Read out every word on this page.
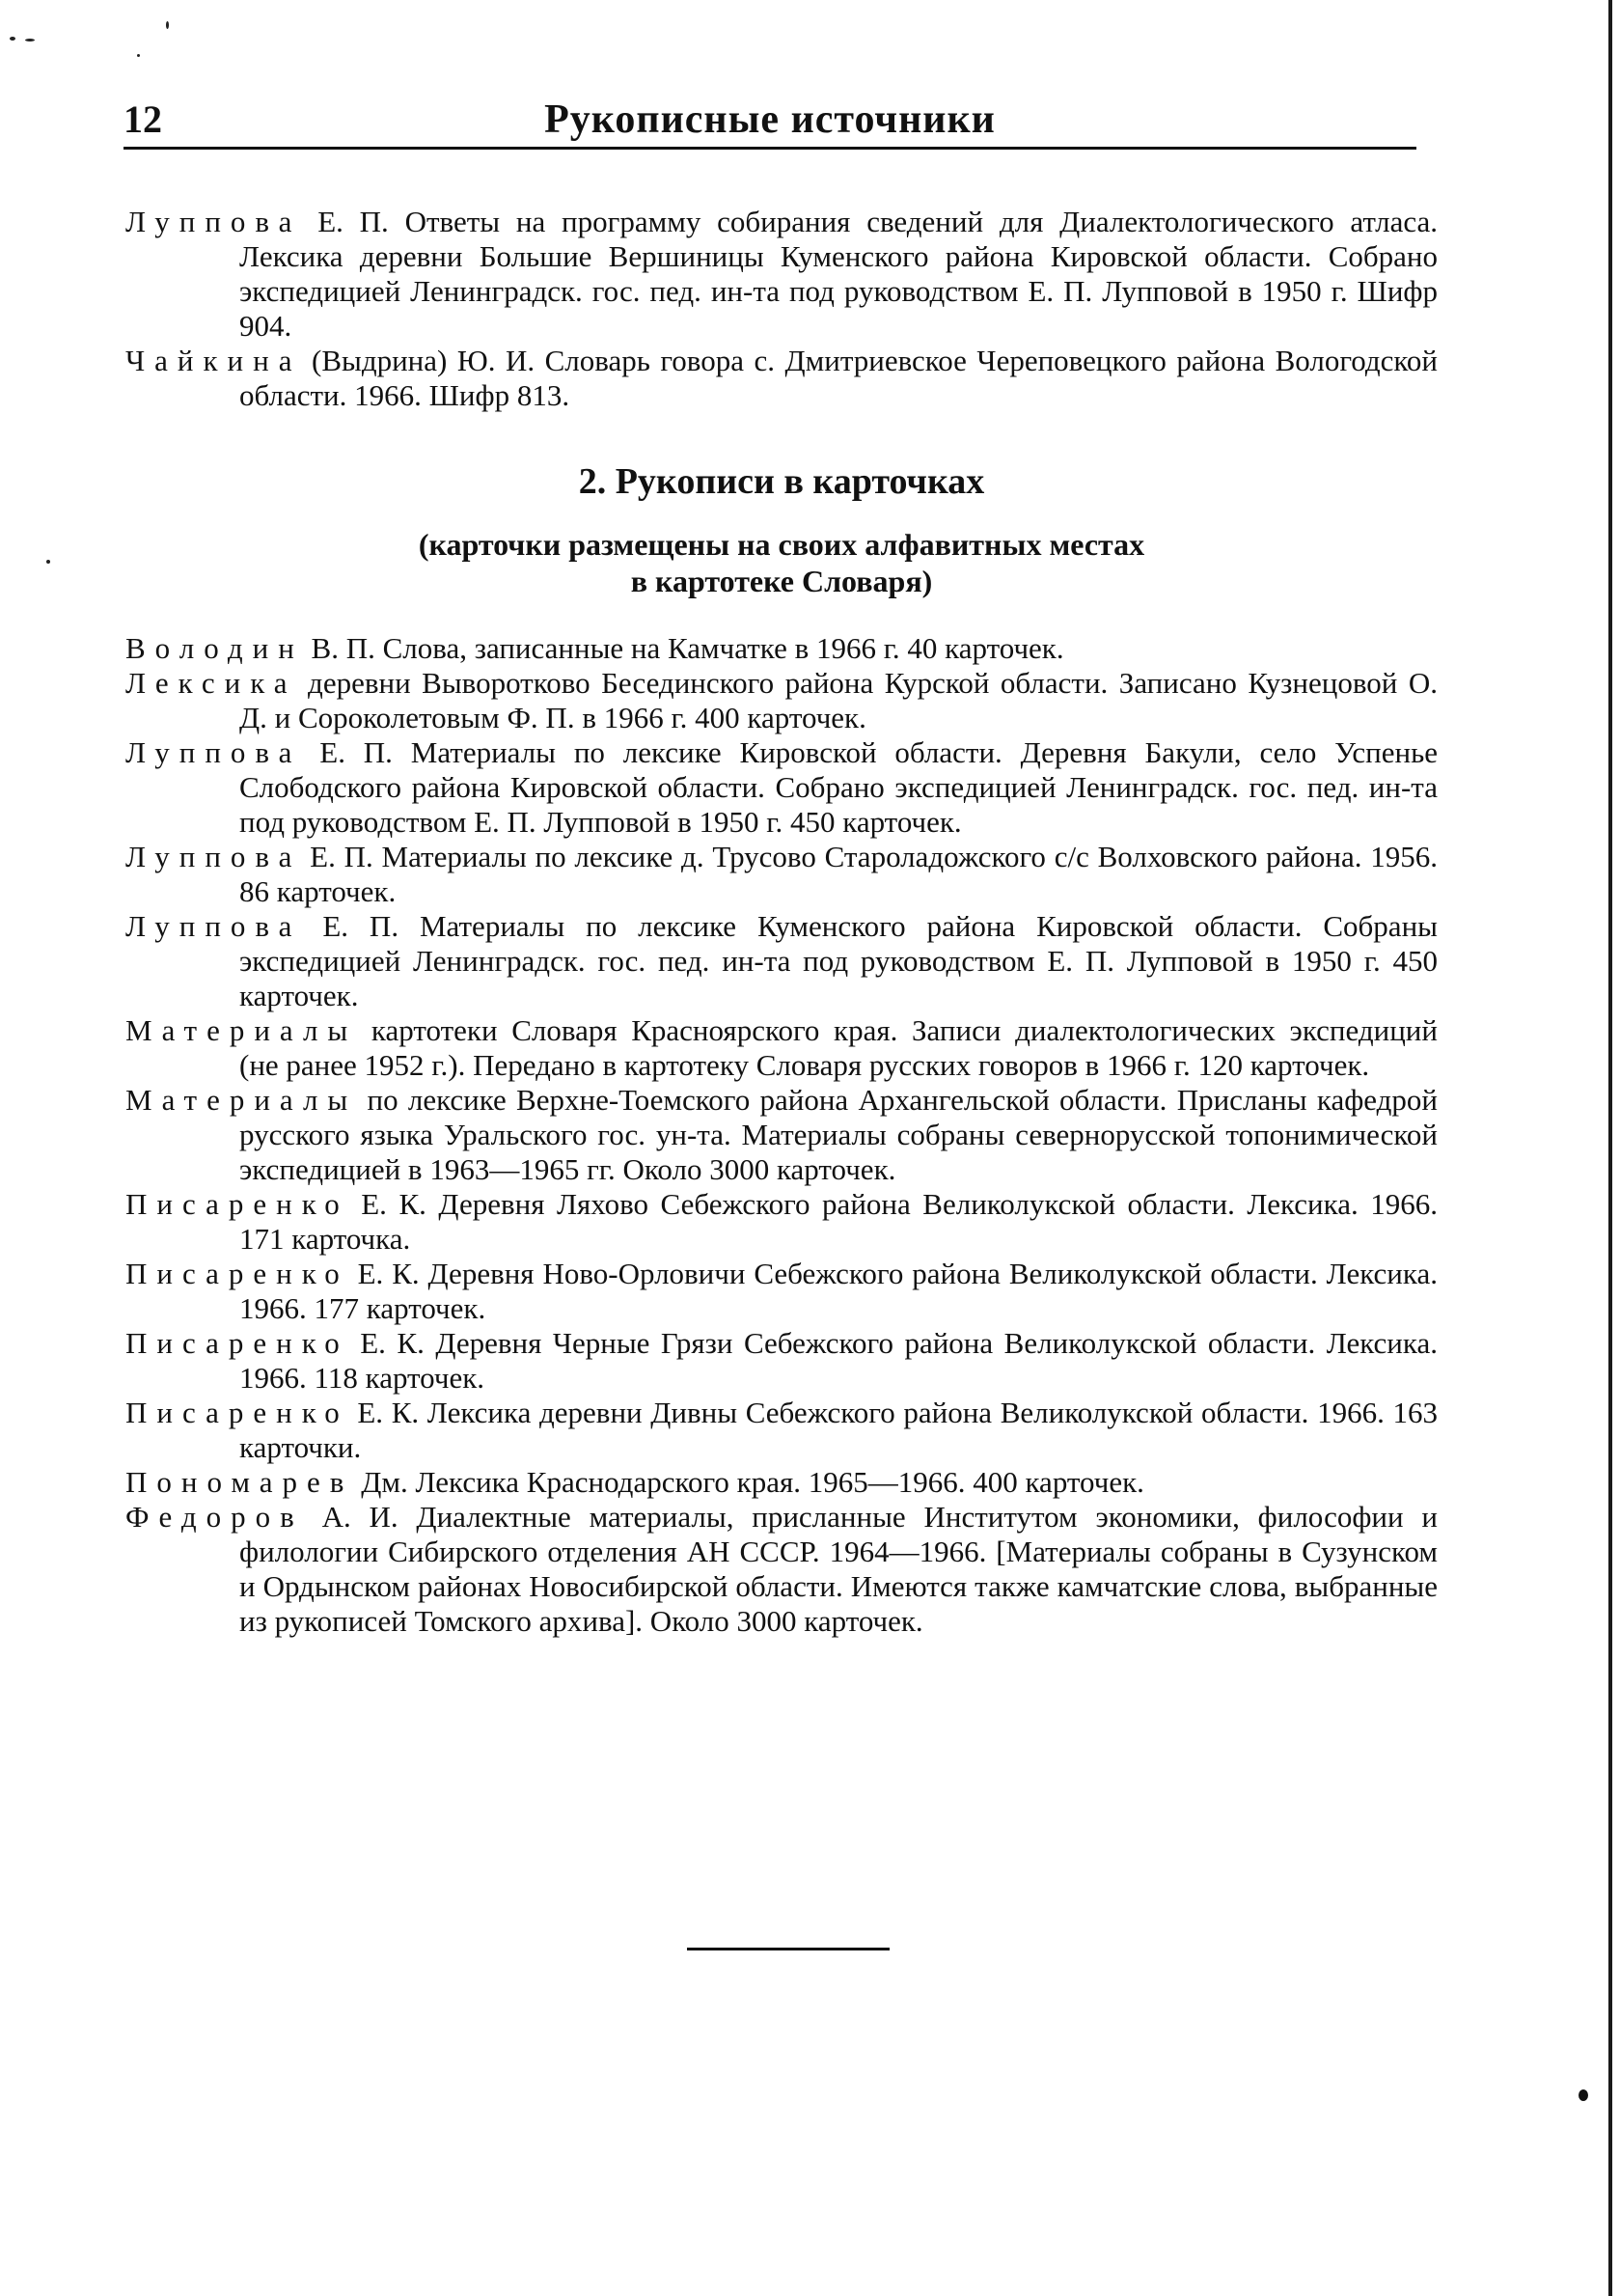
Рукописные источники
12

Луппова Е. П. Ответы на программу собирания сведений для Диалектологического атласа. Лексика деревни Большие Вершиницы Куменского района Кировской области. Собрано экспедицией Ленинградск. гос. пед. ин-та под руководством Е. П. Лупповой в 1950 г. Шифр 904.

Чайкина (Выдрина) Ю. И. Словарь говора с. Дмитриевское Череповецкого района Вологодской области. 1966. Шифр 813.

2. Рукописи в карточках
(карточки размещены на своих алфавитных местах
в картотеке Словаря)

Володин В. П. Слова, записанные на Камчатке в 1966 г. 40 карточек.

Лексика деревни Выворотково Бесединского района Курской области. Записано Кузнецовой О. Д. и Сороколетовым Ф. П. в 1966 г. 400 карточек.

Луппова Е. П. Материалы по лексике Кировской области. Деревня Бакули, село Успенье Слободского района Кировской области. Собрано экспедицией Ленинградск. гос. пед. ин-та под руководством Е. П. Лупповой в 1950 г. 450 карточек.

Луппова Е. П. Материалы по лексике д. Трусово Староладожского с/с Волховского района. 1956. 86 карточек.

Луппова Е. П. Материалы по лексике Куменского района Кировской области. Собраны экспедицией Ленинградск. гос. пед. ин-та под руководством Е. П. Лупповой в 1950 г. 450 карточек.

Материалы картотеки Словаря Красноярского края. Записи диалектологических экспедиций (не ранее 1952 г.). Передано в картотеку Словаря русских говоров в 1966 г. 120 карточек.

Материалы по лексике Верхне-Тоемского района Архангельской области. Присланы кафедрой русского языка Уральского гос. ун-та. Материалы собраны севернорусской топонимической экспедицией в 1963—1965 гг. Около 3000 карточек.

Писаренко Е. К. Деревня Ляхово Себежского района Великолукской области. Лексика. 1966. 171 карточка.

Писаренко Е. К. Деревня Ново-Орловичи Себежского района Великолукской области. Лексика. 1966. 177 карточек.

Писаренко Е. К. Деревня Черные Грязи Себежского района Великолукской области. Лексика. 1966. 118 карточек.

Писаренко Е. К. Лексика деревни Дивны Себежского района Великолукской области. 1966. 163 карточки.

Пономарев Дм. Лексика Краснодарского края. 1965—1966. 400 карточек.

Федоров А. И. Диалектные материалы, присланные Институтом экономики, философии и филологии Сибирского отделения АН СССР. 1964—1966. [Материалы собраны в Сузунском и Ордынском районах Новосибирской области. Имеются также камчатские слова, выбранные из рукописей Томского архива]. Около 3000 карточек.
